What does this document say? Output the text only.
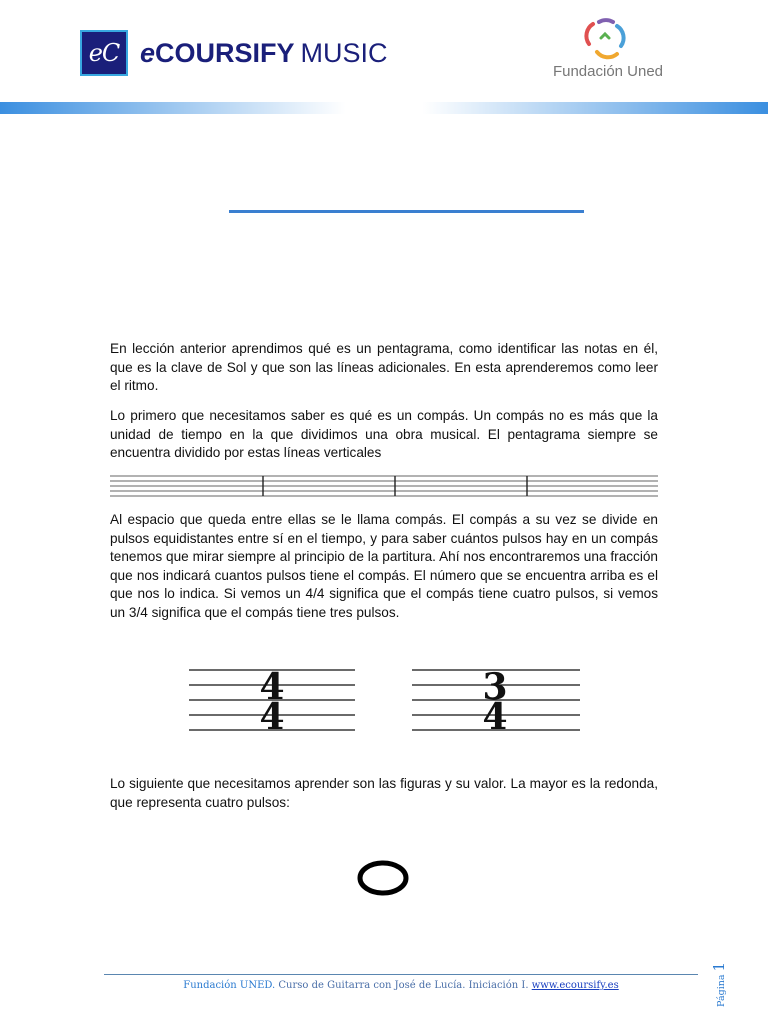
eC eCOURSIFY MUSIC
Fundación Uned

En lección anterior aprendimos qué es un pentagrama, como identificar las notas en él, que es la clave de Sol y que son las líneas adicionales. En esta aprenderemos como leer el ritmo.

Lo primero que necesitamos saber es qué es un compás. Un compás no es más que la unidad de tiempo en la que dividimos una obra musical. El pentagrama siempre se encuentra dividido por estas líneas verticales

Al espacio que queda entre ellas se le llama compás. El compás a su vez se divide en pulsos equidistantes entre sí en el tiempo, y para saber cuántos pulsos hay en un compás tenemos que mirar siempre al principio de la partitura. Ahí nos encontraremos una fracción que nos indicará cuantos pulsos tiene el compás. El número que se encuentra arriba es el que nos lo indica. Si vemos un 4/4 significa que el compás tiene cuatro pulsos, si vemos un 3/4 significa que el compás tiene tres pulsos.

4
4
3
4

Lo siguiente que necesitamos aprender son las figuras y su valor. La mayor es la redonda, que representa cuatro pulsos:

Fundación UNED. Curso de Guitarra con José de Lucía. Iniciación I. www.ecoursify.es	Página1
